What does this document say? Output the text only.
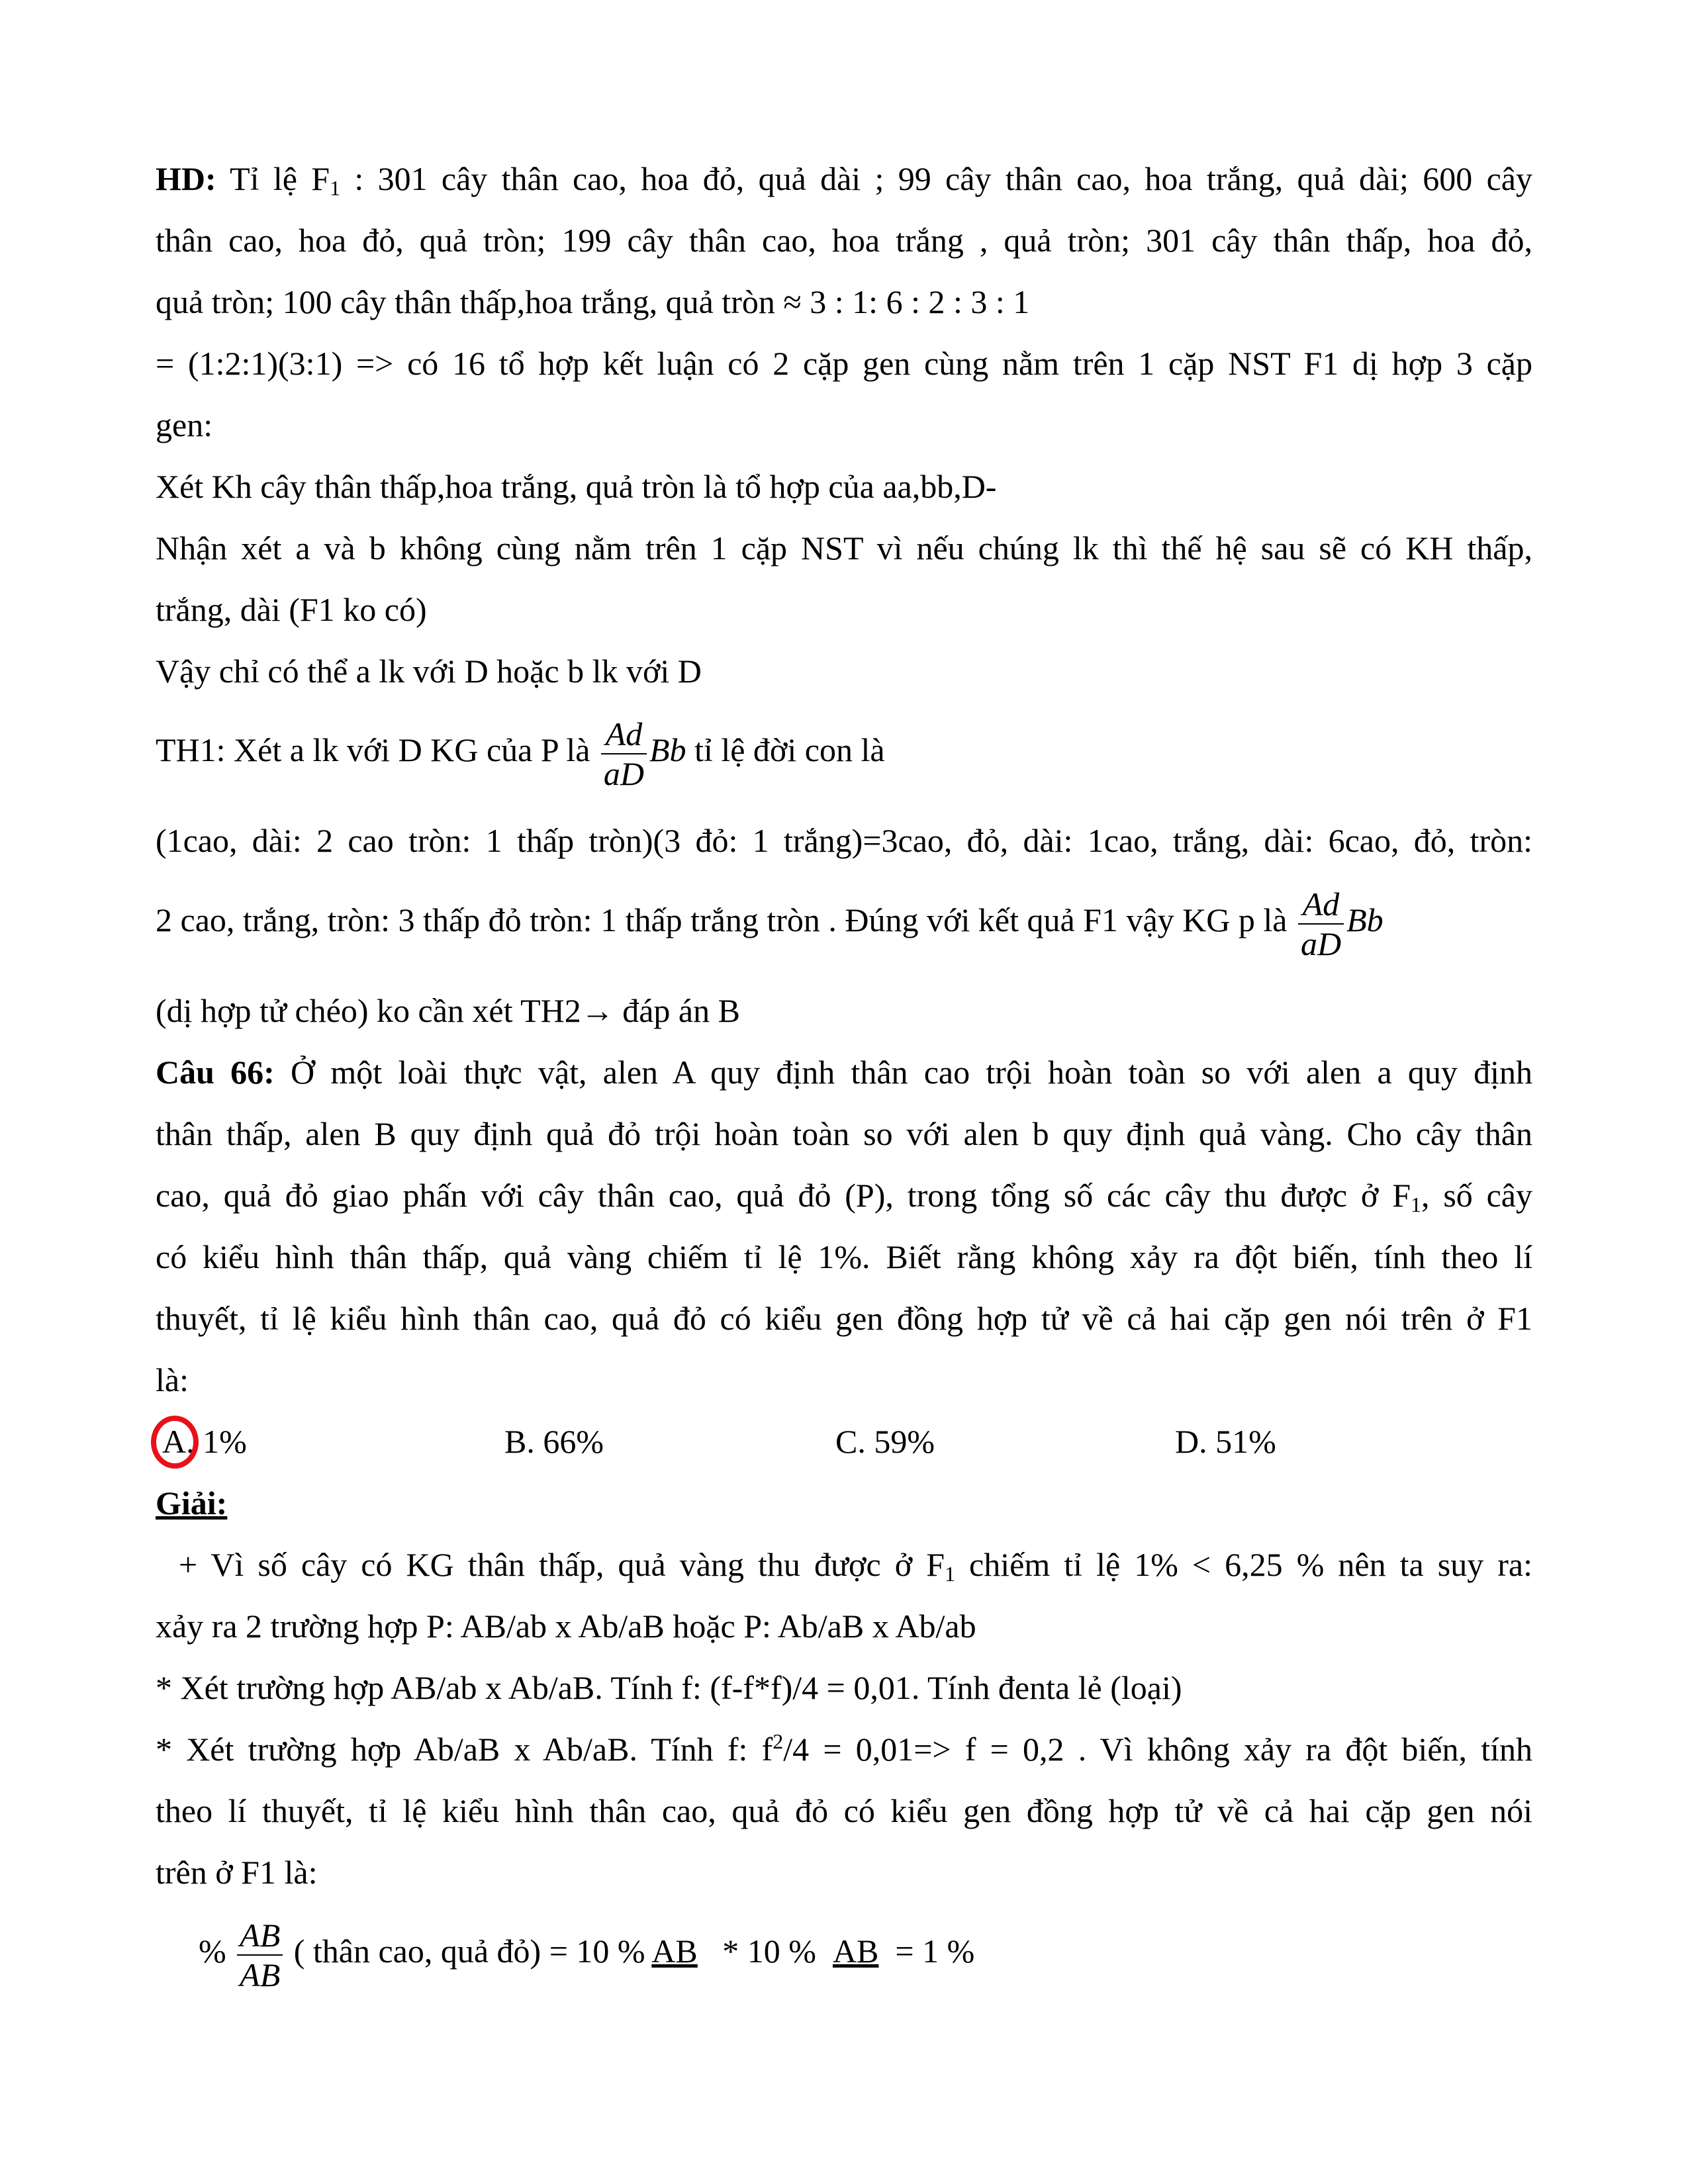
HD: Tỉ lệ $F_1$ : 301 cây thân cao, hoa đỏ, quả dài ; 99 cây thân cao, hoa trắng, quả dài; 600 cây
thân cao, hoa đỏ, quả tròn; 199 cây thân cao, hoa trắng , quả tròn; 301 cây thân thấp, hoa đỏ,
quả tròn; 100 cây thân thấp,hoa trắng, quả tròn ≈ 3 : 1: 6 : 2 : 3 : 1
= (1:2:1)(3:1) => có 16 tổ hợp kết luận có 2 cặp gen cùng nằm trên 1 cặp NST F1 dị hợp 3 cặp
gen:
Xét Kh cây thân thấp,hoa trắng, quả tròn là tổ hợp của aa,bb,D-
Nhận xét a và b không cùng nằm trên 1 cặp NST vì nếu chúng lk thì thế hệ sau sẽ có KH thấp,
trắng, dài (F1 ko có)
Vậy chỉ có thể a lk với D hoặc b lk với D
TH1: Xét a lk với D KG của P là $\frac{Ad}{aD}$ Bb tỉ lệ đời con là
(1cao, dài: 2 cao tròn: 1 thấp tròn)(3 đỏ: 1 trắng)=3cao, đỏ, dài: 1cao, trắng, dài: 6cao, đỏ, tròn:
2 cao, trắng, tròn: 3 thấp đỏ tròn: 1 thấp trắng tròn . Đúng với kết quả F1 vậy KG p là $\frac{Ad}{aD}$ Bb
(dị hợp tử chéo) ko cần xét TH2→ đáp án B
Câu 66: Ở một loài thực vật, alen A quy định thân cao trội hoàn toàn so với alen a quy định
thân thấp, alen B quy định quả đỏ trội hoàn toàn so với alen b quy định quả vàng. Cho cây thân
cao, quả đỏ giao phấn với cây thân cao, quả đỏ (P), trong tổng số các cây thu được ở $F_1$, số cây
có kiểu hình thân thấp, quả vàng chiếm tỉ lệ 1%. Biết rằng không xảy ra đột biến, tính theo lí
thuyết, tỉ lệ kiểu hình thân cao, quả đỏ có kiểu gen đồng hợp tử về cả hai cặp gen nói trên ở F1
là:
A. 1%	B. 66%	C. 59%	D. 51%
Giải:
+ Vì số cây có KG thân thấp, quả vàng thu được ở $F_1$ chiếm tỉ lệ 1% < 6,25 % nên ta suy ra:
xảy ra 2 trường hợp P: AB/ab x Ab/aB hoặc P: Ab/aB x Ab/ab
* Xét trường hợp AB/ab x Ab/aB. Tính f: (f-f*f)/4 = 0,01. Tính đenta lẻ (loại)
* Xét trường hợp Ab/aB x Ab/aB. Tính f: $f^2/4 = 0,01=> f = 0,2$ . Vì không xảy ra đột biến, tính
theo lí thuyết, tỉ lệ kiểu hình thân cao, quả đỏ có kiểu gen đồng hợp tử về cả hai cặp gen nói
trên ở F1 là:
% $\frac{AB}{AB}$ ( thân cao, quả đỏ) = 10 % AB * 10 % AB = 1 %
